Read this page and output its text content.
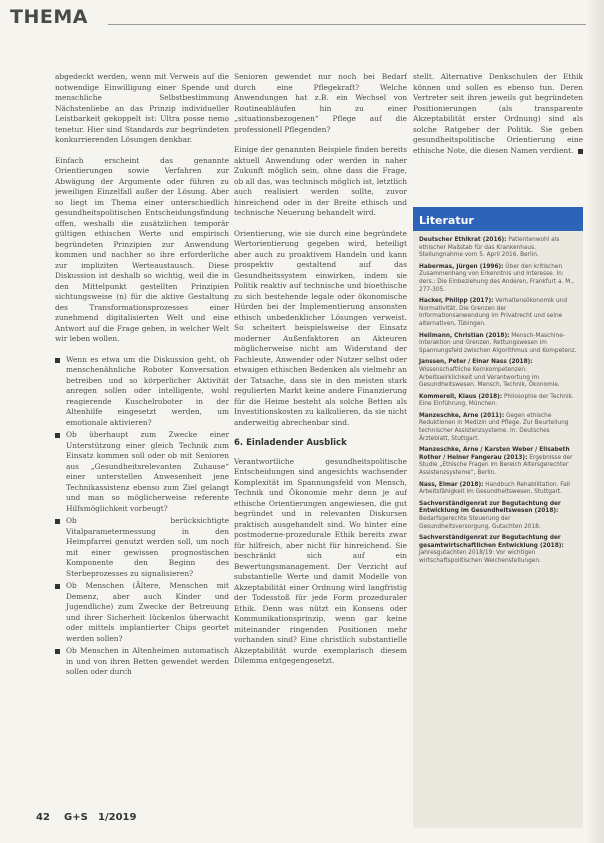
THEMA

abgedeckt werden, wenn mit Verweis auf die notwendige Einwilligung einer Spende und menschliche Selbstbestimmung Nächstenliebe an das Prinzip individueller Leistbarkeit gekoppelt ist: Ultra posse nemo tenetur. Hier sind Standards zur begründeten konkurrierenden Lösungen denkbar.

Einfach erscheint das genannte Orientierungen sowie Verfahren zur Abwägung der Argumente oder führen zu jeweiligen Einzelfall außer der Lösung. Aber so liegt im Thema einer unterschiedlich gesundheitspolitischen Entscheidungsfindung offen, weshalb die zusätzlichen temporär gültigen ethischen Werte und empirisch begründeten Prinzipien zur Anwendung kommen und nachher so ihre erforderliche zur impliziten Werteaustausch. Diese Diskussion ist deshalb so wichtig, weil die in den Mittelpunkt gestellten Prinzipien sichtungsweise (n) für die aktive Gestaltung des Transformationsprozesses einer zunehmend digitalisierten Welt und eine Antwort auf die Frage geben, in welcher Welt wir leben wollen.

Wenn es etwa um die Diskussion geht, ob menschenähnliche Roboter Konversation betreiben und so körperlicher Aktivität anregen sollen oder intelligente, wohl reagierende Kuschelroboter in der Altenhilfe eingesetzt werden, um emotionale aktivieren?
Ob überhaupt zum Zwecke einer Unterstützung einer gleich Technik zum Einsatz kommen soll oder ob mit Senioren aus „Gesundheitsrelevanten Zuhause“ einer unterstellen Anwesenheit jene Technikassistenz ebenso zum Ziel gelangt und man so möglicherweise referente Hilfsmöglichkeit vorbeugt?
Ob berücksichtigte Vitalparametermessung in den Heimpfarrei genutzt werden soll, um noch mit einer gewissen prognostischen Komponente den Beginn des Sterbeprozesses zu signalisieren?
Ob Menschen (Ältere, Menschen mit Demenz, aber auch Kinder und Jugendliche) zum Zwecke der Betreuung und ihrer Sicherheit lückenlos überwacht oder mittels implantierter Chips geortet werden sollen?
Ob Menschen in Altenheimen automatisch in und von ihren Betten gewendet werden sollen oder durch

Senioren gewendet nur noch bei Bedarf durch eine Pflegekraft? Welche Anwendungen hat z.B. ein Wechsel von Routineabläufen hin zu einer „situationsbezogenen“ Pflege auf die professionell Pflegenden?

Einige der genannten Beispiele finden bereits aktuell Anwendung oder werden in naher Zukunft möglich sein, ohne dass die Frage, ob all das, was technisch möglich ist, letztlich auch realisiert werden sollte, zuvor hinreichend oder in der Breite ethisch und technische Neuerung behandelt wird.

Orientierung, wie sie durch eine begründete Wertorientierung gegeben wird, beteiligt aber auch zu proaktivem Handeln und kann prospektiv gestaltend auf das Gesundheitssystem einwirken, indem sie Politik reaktiv auf technische und bioethische zu sich bestehende legale oder ökonomische Hürden bei der Implementierung ansonsten ethisch unbedenklicher Lösungen verweist. So scheitert beispielsweise der Einsatz moderner Außenfaktoren an Akteuren möglicherweise nicht am Widerstand der Fachleute, Anwender oder Nutzer selbst oder etwaigen ethischen Bedenken als vielmehr an der Tatsache, dass sie in den meisten stark regulierten Markt keine andere Finanzierung für die Heime besteht als solche Betten als Investitionskosten zu kalkulieren, da sie nicht anderweitig abrechenbar sind.

6. Einladender Ausblick

Verantwortliche gesundheitspolitische Entscheidungen sind angesichts wachsender Komplexität im Spannungsfeld von Mensch, Technik und Ökonomie mehr denn je auf ethische Orientierungen angewiesen, die gut begründet und in relevanten Diskursen praktisch ausgehandelt sind. Wo hinter eine postmoderne-prozedurale Ethik bereits zwar für hilfreich, aber nicht für hinreichend. Sie beschränkt sich auf ein Bewertungsmanagement. Der Verzicht auf substantielle Werte und damit Modelle von Akzeptabilität einer Ordnung wird langfristig der Todesstoß für jede Form prozeduraler Ethik. Denn was nützt ein Konsens oder Kommunikationsprinzip, wenn gar keine miteinander ringenden Positionen mehr vorhanden sind? Eine christlich substantielle Akzeptabilität wurde exemplarisch diesem Dilemma entgegengesetzt.

stellt. Alternative Denkschulen der Ethik können und sollen es ebenso tun. Deren Vertreter seit ihren jeweils gut begründeten Positionierungen (als transparente Akzeptabilität erster Ordnung) sind als solche Ratgeber der Politik. Sie geben gesundheitspolitische Orientierung eine ethische Note, die diesen Namen verdient.

Literatur
Deutscher Ethikrat (2016): Patientenwohl als ethischer Maßstab für das Krankenhaus. Stellungnahme vom 5. April 2016, Berlin.
Habermas, Jürgen (1996): Über den kritischen Zusammenhang von Erkenntnis und Interesse. In: ders.: Die Einbeziehung des Anderen, Frankfurt a. M., 277-305.
Hacker, Philipp (2017): Verhaltensökonomik und Normativität. Die Grenzen der Informationsanwendung im Privatrecht und seine alternativen, Tübingen.
Heilmann, Christian (2018): Mensch-Maschine-Interaktion und Grenzen. Rettungswesen im Spannungsfeld zwischen Algorithmus und Kompetenz.
Janssen, Peter / Einar Nass (2018): Wissenschaftliche Kernkompetenzen: Arbeitswirklichkeit und Verantwortung im Gesundheitswesen. Mensch, Technik, Ökonomie.
Kommerell, Klaus (2018): Philosophie der Technik. Eine Einführung, München.
Manzeschke, Arne (2011): Gegen ethische Reduktionen in Medizin und Pflege. Zur Beurteilung technischer Assistenzsysteme. In: Deutsches Ärzteblatt, Stuttgart.
Manzeschke, Arne / Karsten Weber / Elisabeth Rother / Heiner Fangerau (2013): Ergebnisse der Studie „Ethische Fragen im Bereich Altersgerechter Assistenzsysteme“, Berlin.
Nass, Elmar (2018): Handbuch Rehabilitation. Fall Arbeitsfähigkeit im Gesundheitswesen, Stuttgart.
Sachverständigenrat zur Begutachtung der Entwicklung im Gesundheitswesen (2018): Bedarfsgerechte Steuerung der Gesundheitsversorgung, Gutachten 2018.
Sachverständigenrat zur Begutachtung der gesamtwirtschaftlichen Entwicklung (2018): Jahresgutachten 2018/19: Vor wichtigen wirtschaftspolitischen Weichenstellungen.
42 G+S 1/2019
